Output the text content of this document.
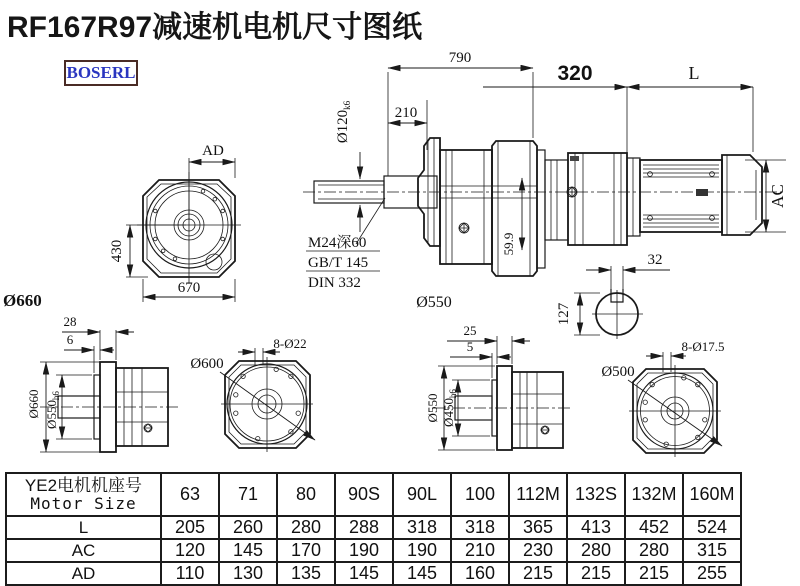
RF167R97减速机电机尺寸图纸
BOSERL
AD
430
670
59.9
790
210
320	L
$Ø120_{k6}$
M24深60
GB/T 145
DIN 332
AC
Ø550
32
127
Ø660
28
6
Ø660 $Ø550_{h6}$
Ø600
8-Ø22
25
5
Ø550 $Ø450_{h6}$
Ø500
8-Ø17.5
YE2电机机座号
Motor Size	63	71	80	90S	90L	100	112M	132S	132M	160M
L	205	260	280	288	318	318	365	413	452	524
AC	120	145	170	190	190	210	230	280	280	315
AD	110	130	135	145	145	160	215	215	215	255
